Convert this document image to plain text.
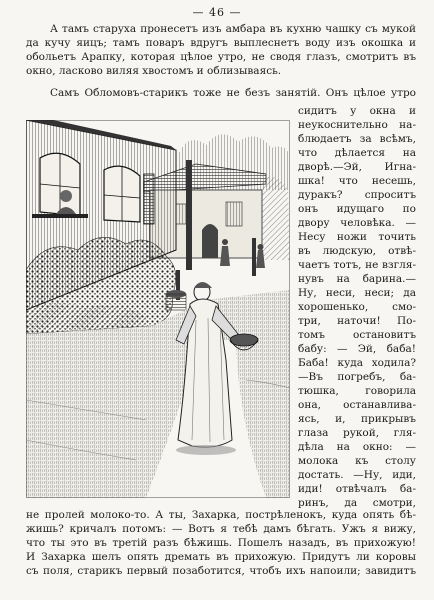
— 46 —
А тамъ старуха пронесетъ изъ амбара въ кухню чашку съ мукой
да кучу яицъ; тамъ поваръ вдругъ выплеснетъ воду изъ окошка и
обольетъ Арапку, которая цѣлое утро, не сводя глазъ, смотритъ въ
окно, ласково виляя хвостомъ и облизываясь.
Самъ Обломовъ-старикъ тоже не безъ занятій. Онъ цѣлое утро
сидитъ у окна и
неукоснительно на-
блюдаетъ за всѣмъ,
что дѣлается на
дворѣ.—Эй, Игна-
шка! что несешь,
дуракъ? спроситъ
онъ идущаго по
двору человѣка. —
Несу ножи точить
въ людскую, отвѣ-
чаетъ тотъ, не взгля-
нувъ на барина.—
Ну, неси, неси; да
хорошенько, смо-
три, наточи! По-
томъ остановитъ
бабу: — Эй, баба!
Баба! куда ходила?
—Въ погребъ, ба-
тюшка, говорила
она, останавлива-
ясь, и, прикрывъ
глаза рукой, гля-
дѣла на окно: —
молока къ столу
достать. —Ну, иди,
иди! отвѣчалъ ба-
ринъ, да смотри,
не пролей молоко-то. А ты, Захарка, пострѣленокъ, куда опять бѣ-
жишь? кричалъ потомъ: — Вотъ я тебѣ дамъ бѣгать. Ужъ я вижу,
что ты это въ третій разъ бѣжишь. Пошелъ назадъ, въ прихожую!
И Захарка шелъ опять дремать въ прихожую. Придутъ ли коровы
съ поля, старикъ первый позаботится, чтобъ ихъ напоили; завидитъ
